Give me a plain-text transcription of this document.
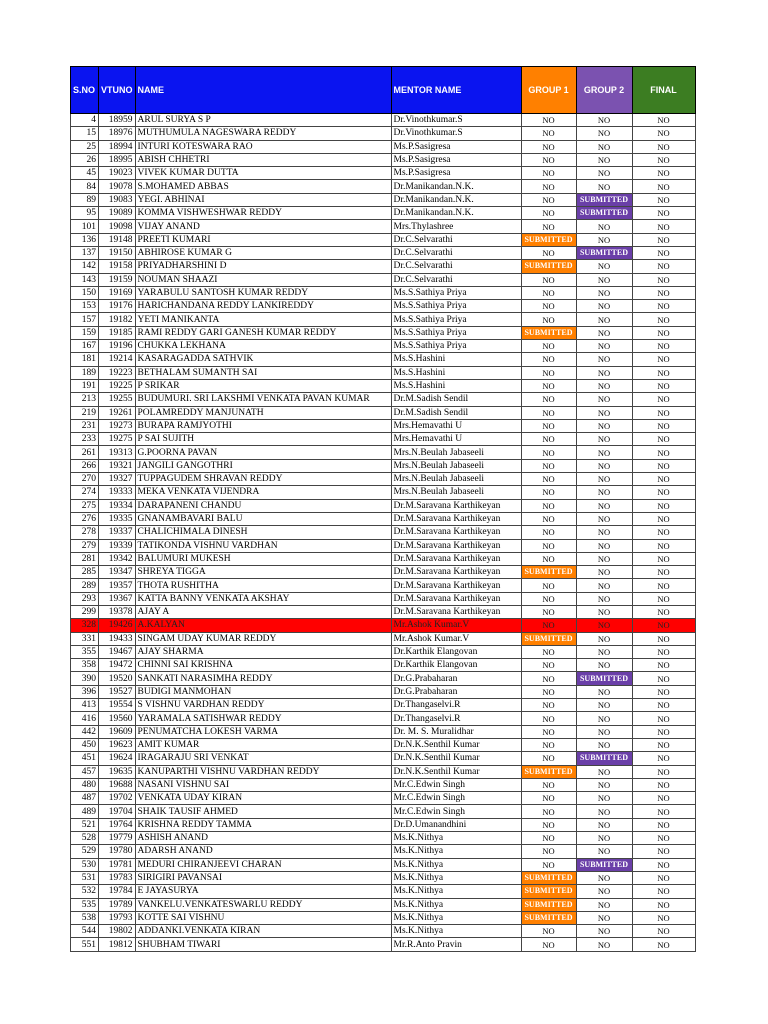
S.NO	VTUNO	NAME	MENTOR NAME	GROUP 1	GROUP 2	FINAL
4	18959	ARUL SURYA S P	Dr.Vinothkumar.S	NO	NO	NO
15	18976	MUTHUMULA NAGESWARA REDDY	Dr.Vinothkumar.S	NO	NO	NO
25	18994	INTURI KOTESWARA RAO	Ms.P.Sasigresa	NO	NO	NO
26	18995	ABISH CHHETRI	Ms.P.Sasigresa	NO	NO	NO
45	19023	VIVEK KUMAR DUTTA	Ms.P.Sasigresa	NO	NO	NO
84	19078	S.MOHAMED ABBAS	Dr.Manikandan.N.K.	NO	NO	NO
89	19083	YEGI. ABHINAI	Dr.Manikandan.N.K.	NO	SUBMITTED	NO
95	19089	KOMMA VISHWESHWAR REDDY	Dr.Manikandan.N.K.	NO	SUBMITTED	NO
101	19098	VIJAY ANAND	Mrs.Thylashree	NO	NO	NO
136	19148	PREETI KUMARI	Dr.C.Selvarathi	SUBMITTED	NO	NO
137	19150	ABHIROSE KUMAR G	Dr.C.Selvarathi	NO	SUBMITTED	NO
142	19158	PRIYADHARSHINI D	Dr.C.Selvarathi	SUBMITTED	NO	NO
143	19159	NOUMAN SHAAZI	Dr.C.Selvarathi	NO	NO	NO
150	19169	YARABULU SANTOSH KUMAR REDDY	Ms.S.Sathiya Priya	NO	NO	NO
153	19176	HARICHANDANA REDDY LANKIREDDY	Ms.S.Sathiya Priya	NO	NO	NO
157	19182	YETI MANIKANTA	Ms.S.Sathiya Priya	NO	NO	NO
159	19185	RAMI REDDY GARI GANESH KUMAR REDDY	Ms.S.Sathiya Priya	SUBMITTED	NO	NO
167	19196	CHUKKA LEKHANA	Ms.S.Sathiya Priya	NO	NO	NO
181	19214	KASARAGADDA SATHVIK	Ms.S.Hashini	NO	NO	NO
189	19223	BETHALAM SUMANTH SAI	Ms.S.Hashini	NO	NO	NO
191	19225	P SRIKAR	Ms.S.Hashini	NO	NO	NO
213	19255	BUDUMURI. SRI LAKSHMI VENKATA PAVAN KUMAR	Dr.M.Sadish Sendil	NO	NO	NO
219	19261	POLAMREDDY MANJUNATH	Dr.M.Sadish Sendil	NO	NO	NO
231	19273	BURAPA RAMJYOTHI	Mrs.Hemavathi U	NO	NO	NO
233	19275	P SAI SUJITH	Mrs.Hemavathi U	NO	NO	NO
261	19313	G.POORNA PAVAN	Mrs.N.Beulah Jabaseeli	NO	NO	NO
266	19321	JANGILI GANGOTHRI	Mrs.N.Beulah Jabaseeli	NO	NO	NO
270	19327	TUPPAGUDEM SHRAVAN REDDY	Mrs.N.Beulah Jabaseeli	NO	NO	NO
274	19333	MEKA VENKATA VIJENDRA	Mrs.N.Beulah Jabaseeli	NO	NO	NO
275	19334	DARAPANENI CHANDU	Dr.M.Saravana Karthikeyan	NO	NO	NO
276	19335	GNANAMBAVARI BALU	Dr.M.Saravana Karthikeyan	NO	NO	NO
278	19337	CHALICHIMALA DINESH	Dr.M.Saravana Karthikeyan	NO	NO	NO
279	19339	TATIKONDA VISHNU VARDHAN	Dr.M.Saravana Karthikeyan	NO	NO	NO
281	19342	BALUMURI MUKESH	Dr.M.Saravana Karthikeyan	NO	NO	NO
285	19347	SHREYA TIGGA	Dr.M.Saravana Karthikeyan	SUBMITTED	NO	NO
289	19357	THOTA RUSHITHA	Dr.M.Saravana Karthikeyan	NO	NO	NO
293	19367	KATTA BANNY VENKATA AKSHAY	Dr.M.Saravana Karthikeyan	NO	NO	NO
299	19378	AJAY A	Dr.M.Saravana Karthikeyan	NO	NO	NO
328	19426	A.KALYAN	Mr.Ashok Kumar.V	NO	NO	NO
331	19433	SINGAM UDAY KUMAR REDDY	Mr.Ashok Kumar.V	SUBMITTED	NO	NO
355	19467	AJAY SHARMA	Dr.Karthik Elangovan	NO	NO	NO
358	19472	CHINNI SAI KRISHNA	Dr.Karthik Elangovan	NO	NO	NO
390	19520	SANKATI NARASIMHA REDDY	Dr.G.Prabaharan	NO	SUBMITTED	NO
396	19527	BUDIGI MANMOHAN	Dr.G.Prabaharan	NO	NO	NO
413	19554	S VISHNU VARDHAN REDDY	Dr.Thangaselvi.R	NO	NO	NO
416	19560	YARAMALA SATISHWAR REDDY	Dr.Thangaselvi.R	NO	NO	NO
442	19609	PENUMATCHA LOKESH VARMA	Dr. M. S. Muralidhar	NO	NO	NO
450	19623	AMIT KUMAR	Dr.N.K.Senthil Kumar	NO	NO	NO
451	19624	IRAGARAJU SRI VENKAT	Dr.N.K.Senthil Kumar	NO	SUBMITTED	NO
457	19635	KANUPARTHI VISHNU VARDHAN REDDY	Dr.N.K.Senthil Kumar	SUBMITTED	NO	NO
480	19688	NASANI VISHNU SAI	Mr.C.Edwin Singh	NO	NO	NO
487	19702	VENKATA UDAY KIRAN	Mr.C.Edwin Singh	NO	NO	NO
489	19704	SHAIK TAUSIF AHMED	Mr.C.Edwin Singh	NO	NO	NO
521	19764	KRISHNA REDDY TAMMA	Dr.D.Umanandhini	NO	NO	NO
528	19779	ASHISH ANAND	Ms.K.Nithya	NO	NO	NO
529	19780	ADARSH ANAND	Ms.K.Nithya	NO	NO	NO
530	19781	MEDURI CHIRANJEEVI CHARAN	Ms.K.Nithya	NO	SUBMITTED	NO
531	19783	SIRIGIRI PAVANSAI	Ms.K.Nithya	SUBMITTED	NO	NO
532	19784	E JAYASURYA	Ms.K.Nithya	SUBMITTED	NO	NO
535	19789	VANKELU.VENKATESWARLU REDDY	Ms.K.Nithya	SUBMITTED	NO	NO
538	19793	KOTTE SAI VISHNU	Ms.K.Nithya	SUBMITTED	NO	NO
544	19802	ADDANKI.VENKATA KIRAN	Ms.K.Nithya	NO	NO	NO
551	19812	SHUBHAM TIWARI	Mr.R.Anto Pravin	NO	NO	NO
